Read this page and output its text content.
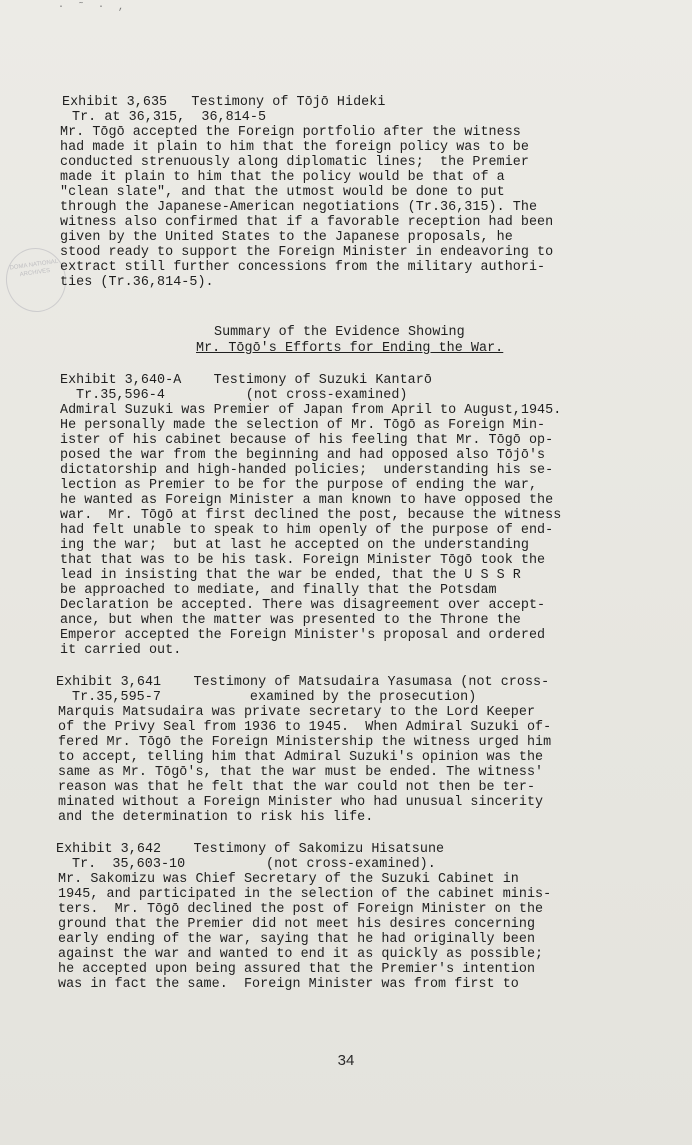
· ˜ · ,
DOMA NATIONAL ARCHIVES
Exhibit 3,635   Testimony of Tōjō Hideki
Tr. at 36,315,  36,814-5
Mr. Tōgō accepted the Foreign portfolio after the witness
had made it plain to him that the foreign policy was to be
conducted strenuously along diplomatic lines;  the Premier
made it plain to him that the policy would be that of a
"clean slate", and that the utmost would be done to put
through the Japanese-American negotiations (Tr.36,315). The
witness also confirmed that if a favorable reception had been
given by the United States to the Japanese proposals, he
stood ready to support the Foreign Minister in endeavoring to
extract still further concessions from the military authori-
ties (Tr.36,814-5).
Summary of the Evidence Showing
Mr. Tōgō's Efforts for Ending the War.
Exhibit 3,640-A    Testimony of Suzuki Kantarō
Tr.35,596-4          (not cross-examined)
Admiral Suzuki was Premier of Japan from April to August,1945.
He personally made the selection of Mr. Tōgō as Foreign Min-
ister of his cabinet because of his feeling that Mr. Tōgō op-
posed the war from the beginning and had opposed also Tōjō's
dictatorship and high-handed policies;  understanding his se-
lection as Premier to be for the purpose of ending the war,
he wanted as Foreign Minister a man known to have opposed the
war.  Mr. Tōgō at first declined the post, because the witness
had felt unable to speak to him openly of the purpose of end-
ing the war;  but at last he accepted on the understanding
that that was to be his task. Foreign Minister Tōgō took the
lead in insisting that the war be ended, that the U S S R
be approached to mediate, and finally that the Potsdam
Declaration be accepted. There was disagreement over accept-
ance, but when the matter was presented to the Throne the
Emperor accepted the Foreign Minister's proposal and ordered
it carried out.
Exhibit 3,641    Testimony of Matsudaira Yasumasa (not cross-
Tr.35,595-7           examined by the prosecution)
Marquis Matsudaira was private secretary to the Lord Keeper
of the Privy Seal from 1936 to 1945.  When Admiral Suzuki of-
fered Mr. Tōgō the Foreign Ministership the witness urged him
to accept, telling him that Admiral Suzuki's opinion was the
same as Mr. Tōgō's, that the war must be ended. The witness'
reason was that he felt that the war could not then be ter-
minated without a Foreign Minister who had unusual sincerity
and the determination to risk his life.
Exhibit 3,642    Testimony of Sakomizu Hisatsune
Tr.  35,603-10          (not cross-examined).
Mr. Sakomizu was Chief Secretary of the Suzuki Cabinet in
1945, and participated in the selection of the cabinet minis-
ters.  Mr. Tōgō declined the post of Foreign Minister on the
ground that the Premier did not meet his desires concerning
early ending of the war, saying that he had originally been
against the war and wanted to end it as quickly as possible;
he accepted upon being assured that the Premier's intention
was in fact the same.  Foreign Minister was from first to
34
